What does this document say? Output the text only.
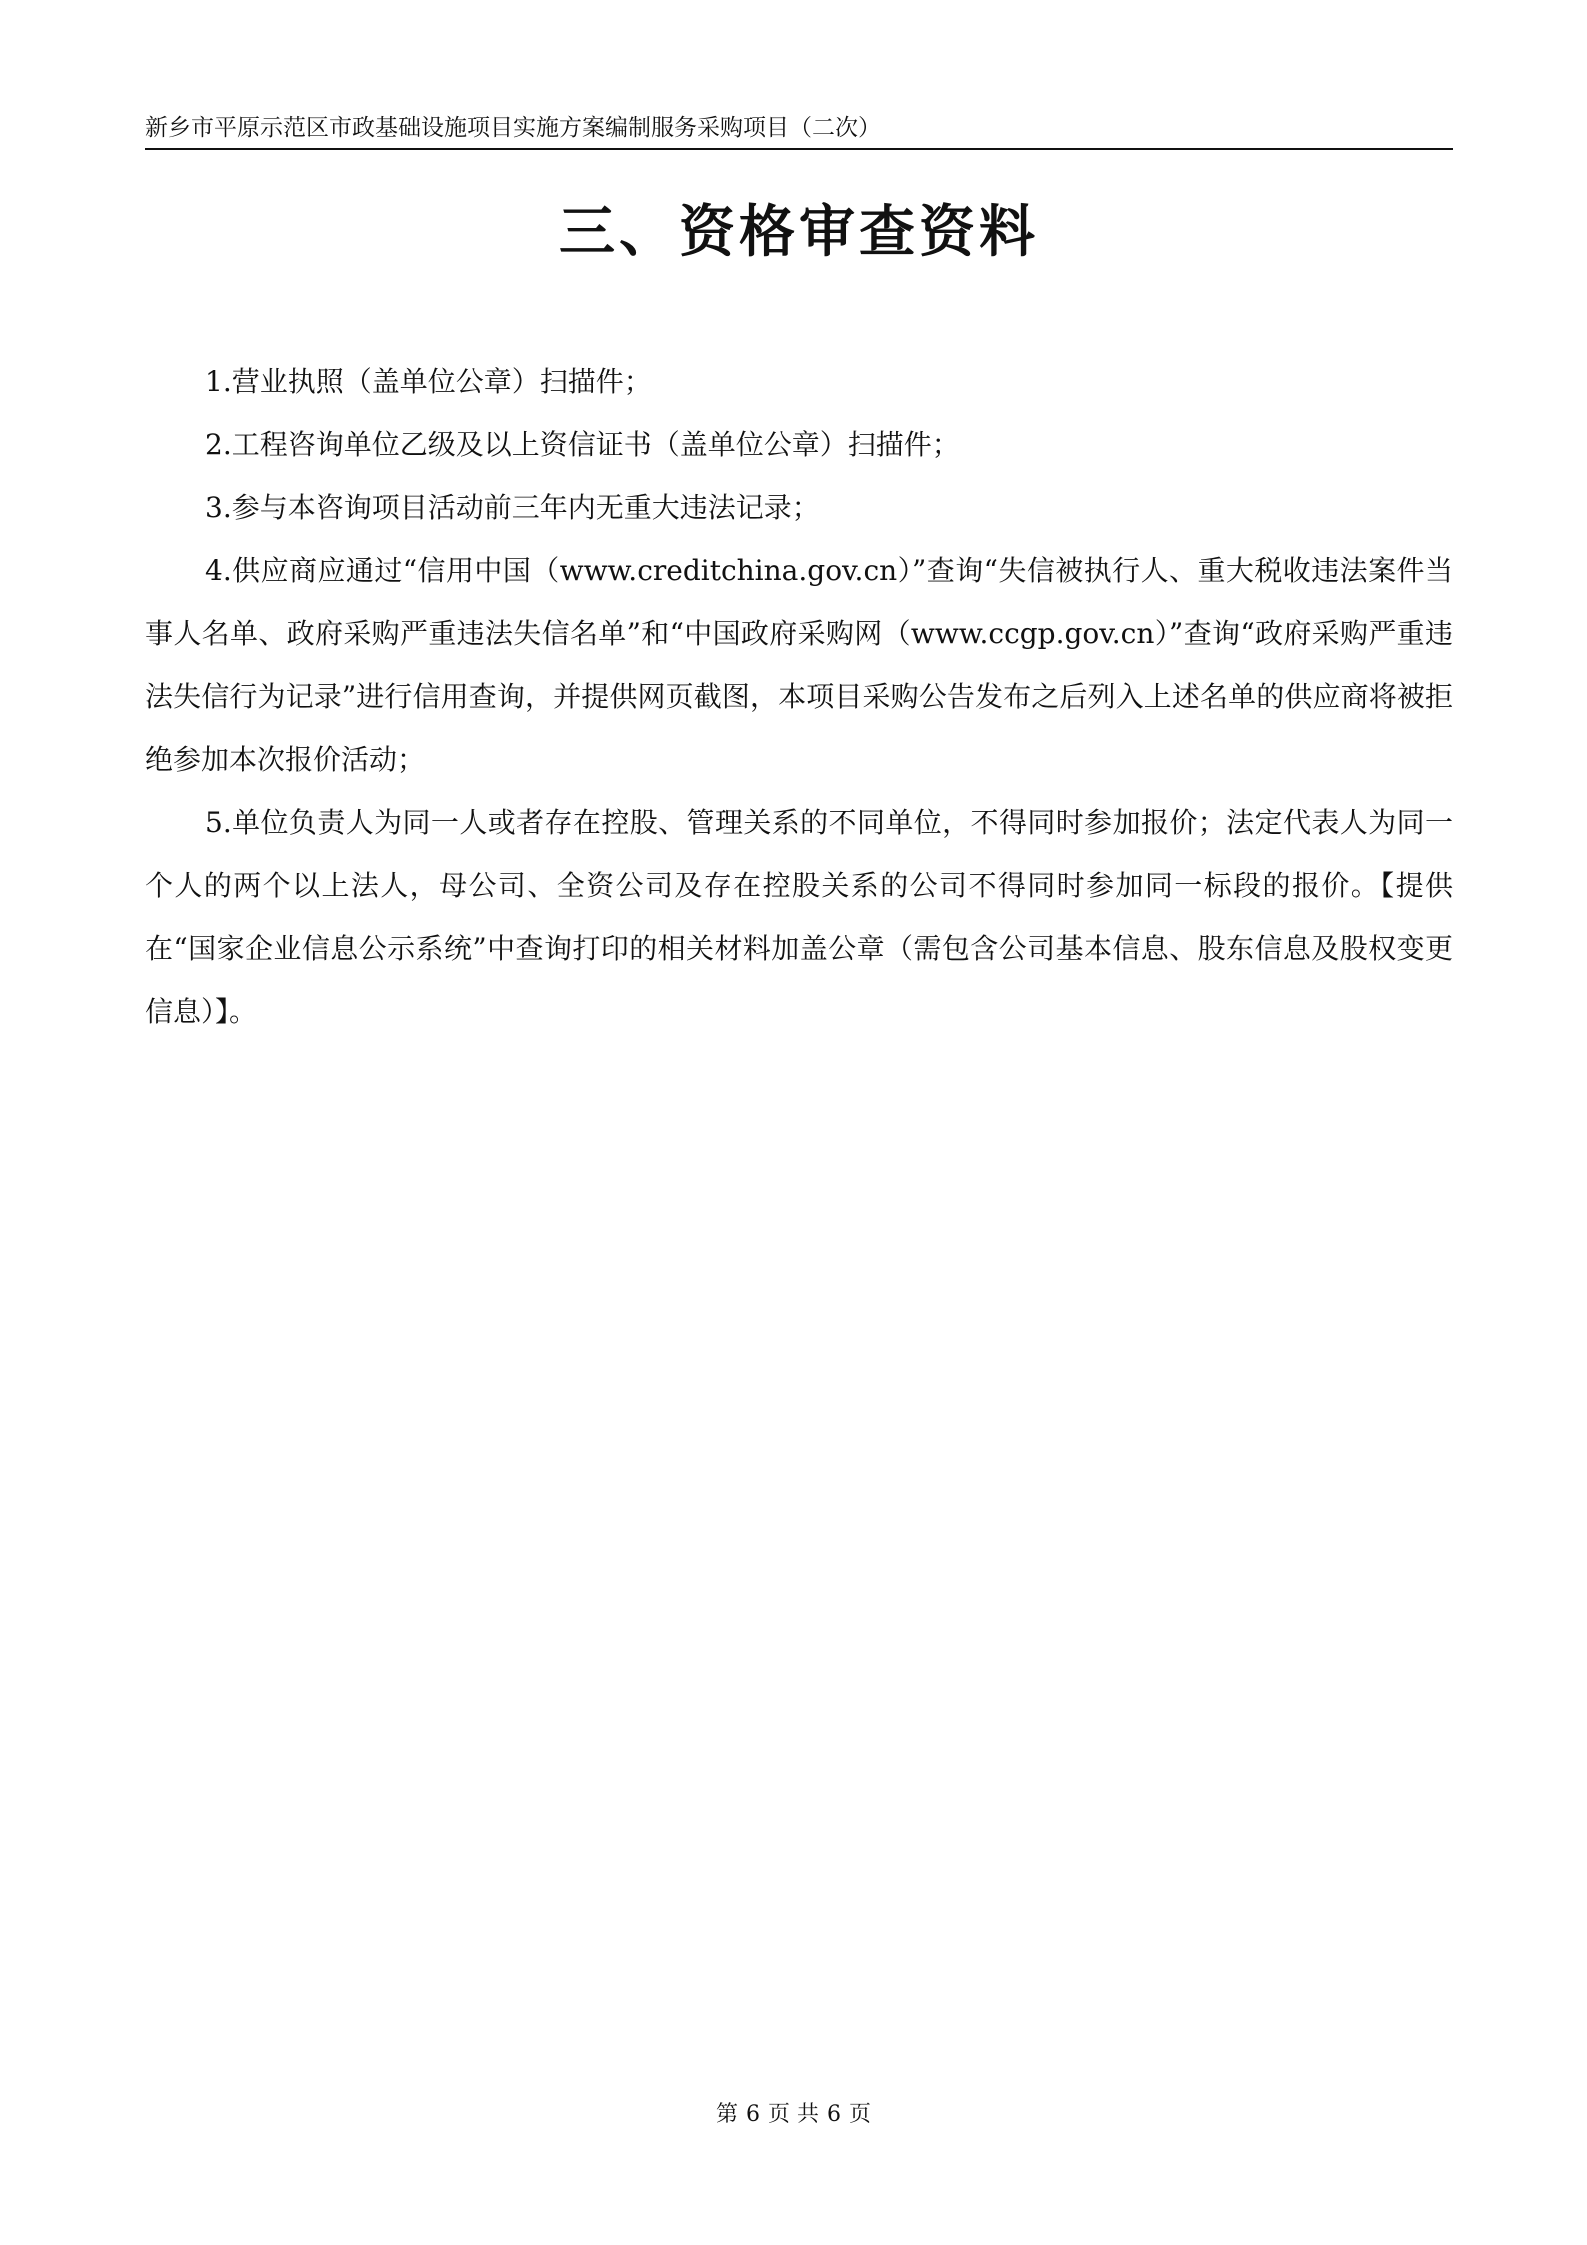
新乡市平原示范区市政基础设施项目实施方案编制服务采购项目（二次）
三、资格审查资料

1.营业执照（盖单位公章）扫描件；

2.工程咨询单位乙级及以上资信证书（盖单位公章）扫描件；

3.参与本咨询项目活动前三年内无重大违法记录；

4.供应商应通过“信用中国（www.creditchina.gov.cn）”查询“失信被执行人、重大税收违法案件当事人名单、政府采购严重违法失信名单”和“中国政府采购网（www.ccgp.gov.cn）”查询“政府采购严重违法失信行为记录”进行信用查询，并提供网页截图，本项目采购公告发布之后列入上述名单的供应商将被拒绝参加本次报价活动；

5.单位负责人为同一人或者存在控股、管理关系的不同单位，不得同时参加报价；法定代表人为同一个人的两个以上法人，母公司、全资公司及存在控股关系的公司不得同时参加同一标段的报价。【提供在“国家企业信息公示系统”中查询打印的相关材料加盖公章（需包含公司基本信息、股东信息及股权变更信息）】。

第 6 页 共 6 页
